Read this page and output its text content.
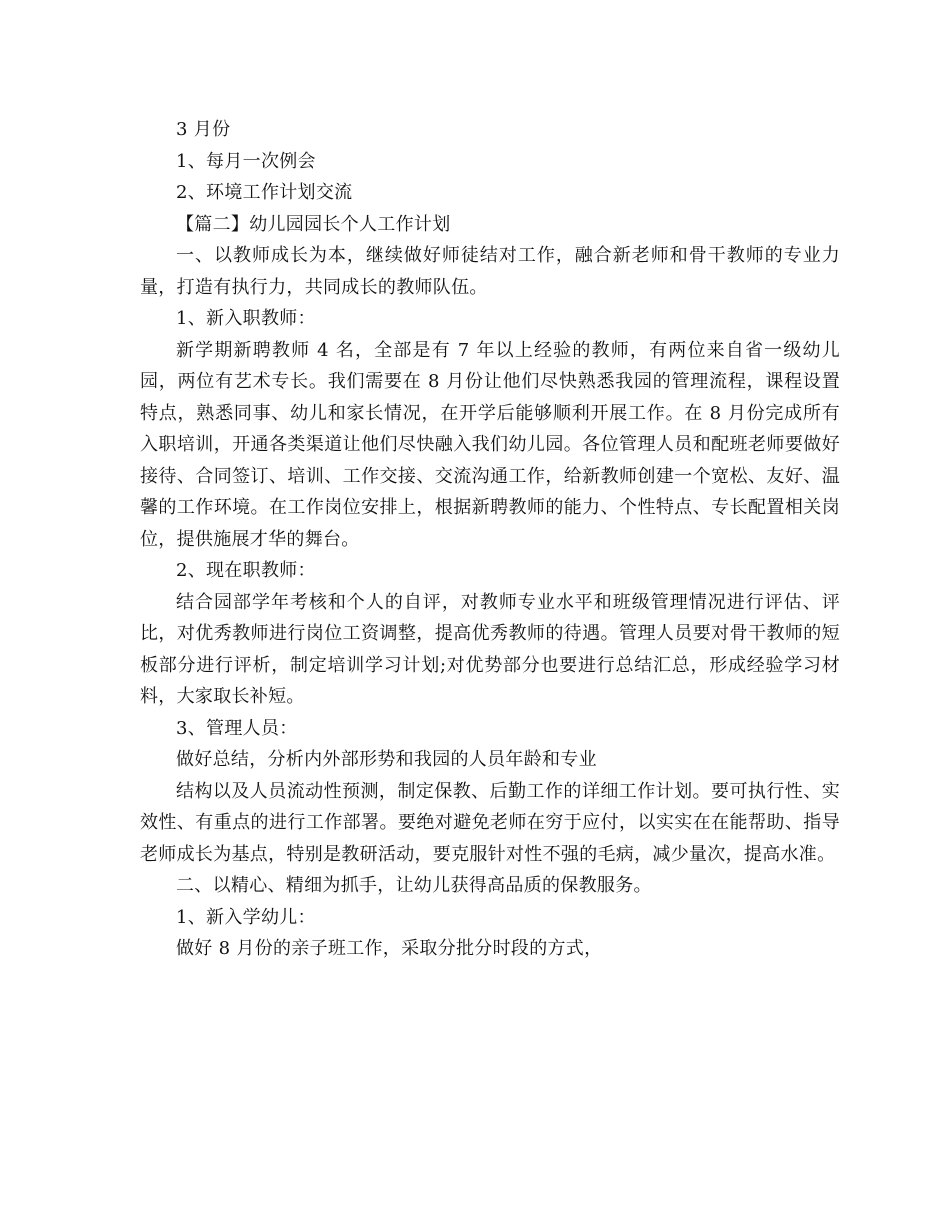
3 月份

1、每月一次例会

2、环境工作计划交流

【篇二】幼儿园园长个人工作计划

一、以教师成长为本，继续做好师徒结对工作，融合新老师和骨干教师的专业力量，打造有执行力，共同成长的教师队伍。

1、新入职教师：

新学期新聘教师 4 名，全部是有 7 年以上经验的教师，有两位来自省一级幼儿园，两位有艺术专长。我们需要在 8 月份让他们尽快熟悉我园的管理流程，课程设置特点，熟悉同事、幼儿和家长情况，在开学后能够顺利开展工作。在 8 月份完成所有入职培训，开通各类渠道让他们尽快融入我们幼儿园。各位管理人员和配班老师要做好接待、合同签订、培训、工作交接、交流沟通工作，给新教师创建一个宽松、友好、温馨的工作环境。在工作岗位安排上，根据新聘教师的能力、个性特点、专长配置相关岗位，提供施展才华的舞台。

2、现在职教师：

结合园部学年考核和个人的自评，对教师专业水平和班级管理情况进行评估、评比，对优秀教师进行岗位工资调整，提高优秀教师的待遇。管理人员要对骨干教师的短板部分进行评析，制定培训学习计划;对优势部分也要进行总结汇总，形成经验学习材料，大家取长补短。

3、管理人员：

做好总结，分析内外部形势和我园的人员年龄和专业

结构以及人员流动性预测，制定保教、后勤工作的详细工作计划。要可执行性、实效性、有重点的进行工作部署。要绝对避免老师在穷于应付，以实实在在能帮助、指导老师成长为基点，特别是教研活动，要克服针对性不强的毛病，减少量次，提高水准。

二、以精心、精细为抓手，让幼儿获得高品质的保教服务。

1、新入学幼儿：

做好 8 月份的亲子班工作，采取分批分时段的方式，
